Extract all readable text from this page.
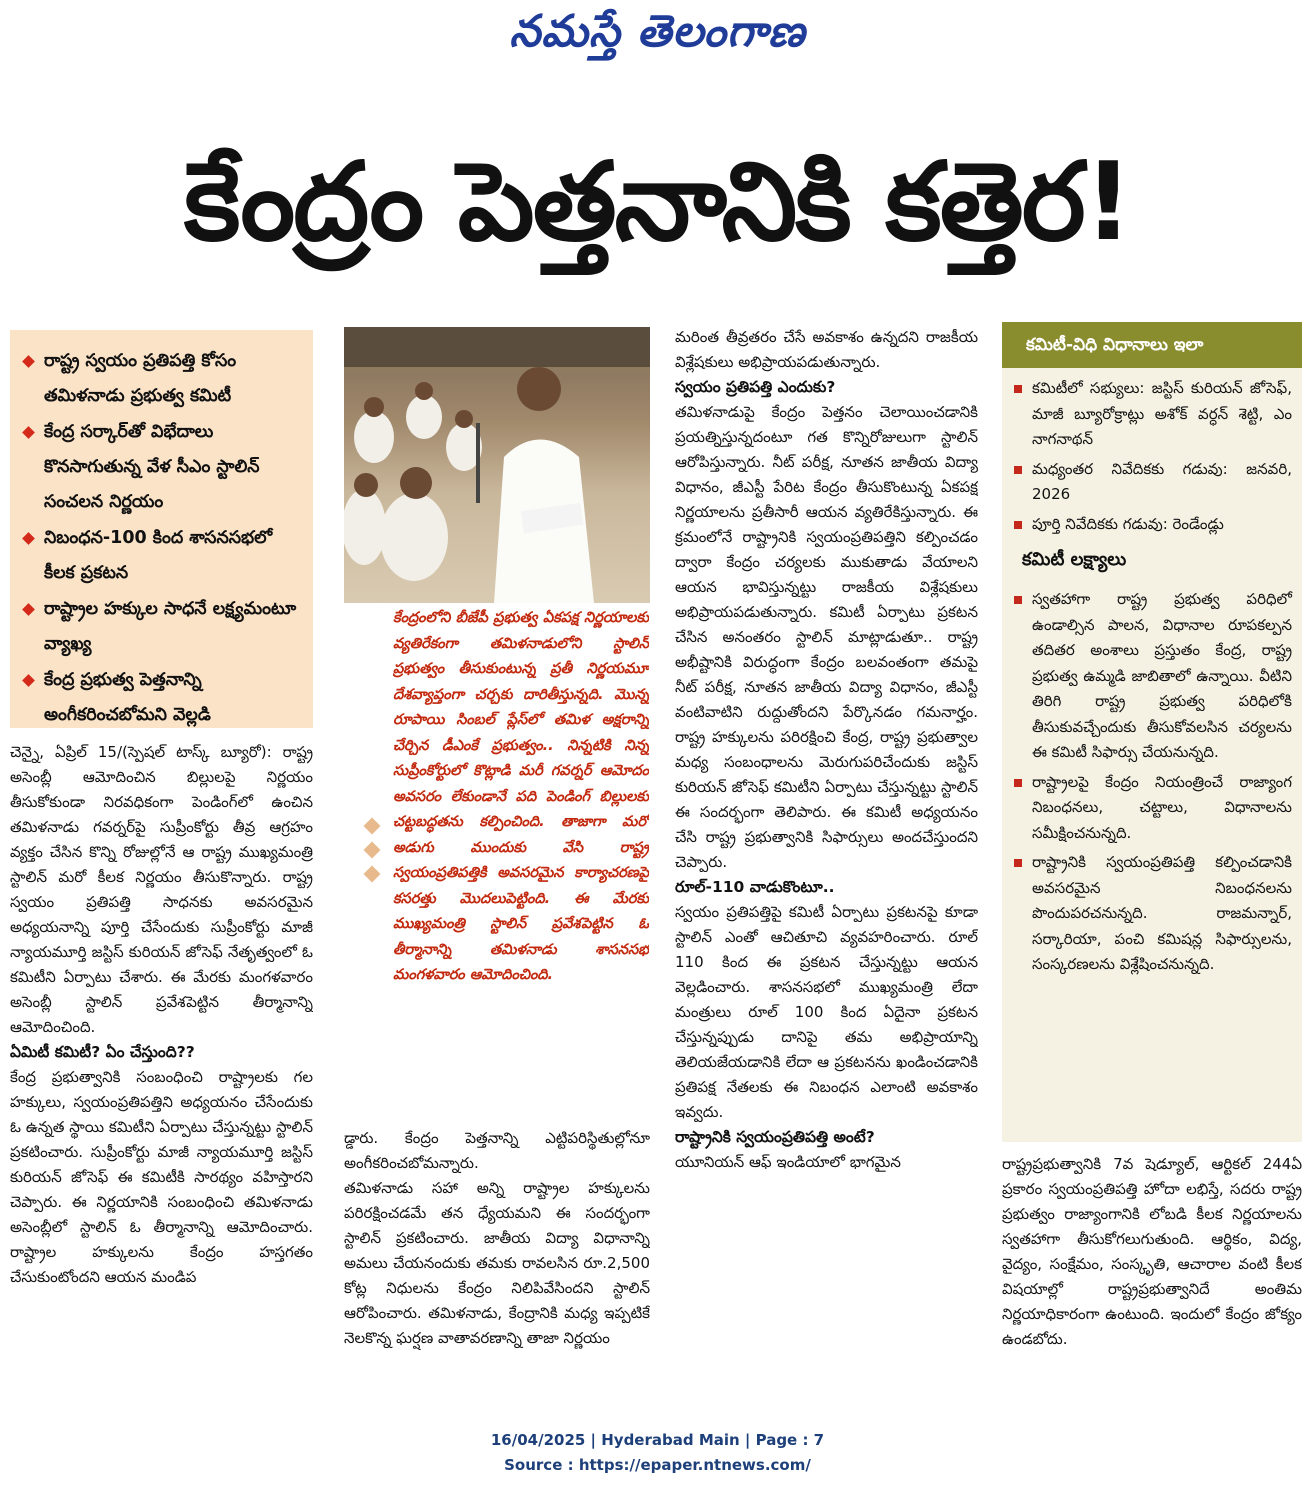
నమస్తే తెలంగాణ
కేంద్రం పెత్తనానికి కత్తెర!
రాష్ట్ర స్వయం ప్రతిపత్తి కోసం తమిళనాడు ప్రభుత్వ కమిటీ
కేంద్ర సర్కార్‌తో విభేదాలు కొనసాగుతున్న వేళ సీఎం స్టాలిన్ సంచలన నిర్ణయం
నిబంధన-100 కింద శాసనసభలో కీలక ప్రకటన
రాష్ట్రాల హక్కుల సాధనే లక్ష్యమంటూ వ్యాఖ్య
కేంద్ర ప్రభుత్వ పెత్తనాన్ని అంగీకరించబోమని వెల్లడి

చెన్నై, ఏప్రిల్ 15/(స్పెషల్ టాస్క్ బ్యూరో): రాష్ట్ర అసెంబ్లీ ఆమోదించిన బిల్లులపై నిర్ణయం తీసుకోకుండా నిరవధికంగా పెండింగ్‌లో ఉంచిన తమిళనాడు గవర్నర్‌పై సుప్రీంకోర్టు తీవ్ర ఆగ్రహం వ్యక్తం చేసిన కొన్ని రోజుల్లోనే ఆ రాష్ట్ర ముఖ్యమంత్రి స్టాలిన్ మరో కీలక నిర్ణయం తీసుకొన్నారు. రాష్ట్ర స్వయం ప్రతిపత్తి సాధనకు అవసరమైన అధ్యయనాన్ని పూర్తి చేసేందుకు సుప్రీంకోర్టు మాజీ న్యాయమూర్తి జస్టిస్ కురియన్ జోసెఫ్ నేతృత్వంలో ఓ కమిటీని ఏర్పాటు చేశారు. ఈ మేరకు మంగళవారం అసెంబ్లీ స్టాలిన్ ప్రవేశపెట్టిన తీర్మానాన్ని ఆమోదించింది.

ఏమిటీ కమిటీ? ఏం చేస్తుంది??

కేంద్ర ప్రభుత్వానికి సంబంధించి రాష్ట్రాలకు గల హక్కులు, స్వయంప్రతిపత్తిని అధ్యయనం చేసేందుకు ఓ ఉన్నత స్థాయి కమిటీని ఏర్పాటు చేస్తున్నట్టు స్టాలిన్ ప్రకటించారు. సుప్రీంకోర్టు మాజీ న్యాయమూర్తి జస్టిస్ కురియన్ జోసెఫ్ ఈ కమిటీకి సారథ్యం వహిస్తారని చెప్పారు. ఈ నిర్ణయానికి సంబంధించి తమిళనాడు అసెంబ్లీలో స్టాలిన్ ఓ తీర్మానాన్ని ఆమోదించారు. రాష్ట్రాల హక్కులను కేంద్రం హస్తగతం చేసుకుంటోందని ఆయన మండిప

కేంద్రంలోని బీజేపీ ప్రభుత్వ ఏకపక్ష నిర్ణయాలకు వ్యతిరేకంగా తమిళనాడులోని స్టాలిన్ ప్రభుత్వం తీసుకుంటున్న ప్రతీ నిర్ణయమూ దేశవ్యాప్తంగా చర్చకు దారితీస్తున్నది. మొన్న రూపాయి సింబల్ ప్లేస్‌లో తమిళ అక్షరాన్ని చేర్చిన డీఎంకే ప్రభుత్వం.. నిన్నటికి నిన్న సుప్రీంకోర్టులో కొట్లాడి మరీ గవర్నర్ ఆమోదం అవసరం లేకుండానే పది పెండింగ్ బిల్లులకు చట్టబద్ధతను కల్పించింది. తాజాగా మరో అడుగు ముందుకు వేసి రాష్ట్ర స్వయంప్రతిపత్తికి అవసరమైన కార్యాచరణపై కసరత్తు మొదలుపెట్టింది. ఈ మేరకు ముఖ్యమంత్రి స్టాలిన్ ప్రవేశపెట్టిన ఓ తీర్మానాన్ని తమిళనాడు శాసనసభ మంగళవారం ఆమోదించింది.

డ్డారు. కేంద్రం పెత్తనాన్ని ఎట్టిపరిస్థితుల్లోనూ అంగీకరించబోమన్నారు.

తమిళనాడు సహా అన్ని రాష్ట్రాల హక్కులను పరిరక్షించడమే తన ధ్యేయమని ఈ సందర్భంగా స్టాలిన్ ప్రకటించారు. జాతీయ విద్యా విధానాన్ని అమలు చేయనందుకు తమకు రావలసిన రూ.2,500 కోట్ల నిధులను కేంద్రం నిలిపివేసిందని స్టాలిన్ ఆరోపించారు. తమిళనాడు, కేంద్రానికి మధ్య ఇప్పటికే నెలకొన్న ఘర్షణ వాతావరణాన్ని తాజా నిర్ణయం

మరింత తీవ్రతరం చేసే అవకాశం ఉన్నదని రాజకీయ విశ్లేషకులు అభిప్రాయపడుతున్నారు.

స్వయం ప్రతిపత్తి ఎందుకు?

తమిళనాడుపై కేంద్రం పెత్తనం చెలాయించడానికి ప్రయత్నిస్తున్నదంటూ గత కొన్నిరోజులుగా స్టాలిన్ ఆరోపిస్తున్నారు. నీట్ పరీక్ష, నూతన జాతీయ విద్యా విధానం, జీఎస్టీ పేరిట కేంద్రం తీసుకొంటున్న ఏకపక్ష నిర్ణయాలను ప్రతీసారీ ఆయన వ్యతిరేకిస్తున్నారు. ఈ క్రమంలోనే రాష్ట్రానికి స్వయంప్రతిపత్తిని కల్పించడం ద్వారా కేంద్రం చర్యలకు ముకుతాడు వేయాలని ఆయన భావిస్తున్నట్టు రాజకీయ విశ్లేషకులు అభిప్రాయపడుతున్నారు. కమిటీ ఏర్పాటు ప్రకటన చేసిన అనంతరం స్టాలిన్ మాట్లాడుతూ.. రాష్ట్ర అభీష్టానికి విరుద్ధంగా కేంద్రం బలవంతంగా తమపై నీట్ పరీక్ష, నూతన జాతీయ విద్యా విధానం, జీఎస్టీ వంటివాటిని రుద్దుతోందని పేర్కొనడం గమనార్హం. రాష్ట్ర హక్కులను పరిరక్షించి కేంద్ర, రాష్ట్ర ప్రభుత్వాల మధ్య సంబంధాలను మెరుగుపరిచేందుకు జస్టిస్ కురియన్ జోసెఫ్ కమిటీని ఏర్పాటు చేస్తున్నట్టు స్టాలిన్ ఈ సందర్భంగా తెలిపారు. ఈ కమిటీ అధ్యయనం చేసి రాష్ట్ర ప్రభుత్వానికి సిఫార్సులు అందచేస్తుందని చెప్పారు.

రూల్-110 వాడుకొంటూ..

స్వయం ప్రతిపత్తిపై కమిటీ ఏర్పాటు ప్రకటనపై కూడా స్టాలిన్ ఎంతో ఆచితూచి వ్యవహరించారు. రూల్ 110 కింద ఈ ప్రకటన చేస్తున్నట్టు ఆయన వెల్లడించారు. శాసనసభలో ముఖ్యమంత్రి లేదా మంత్రులు రూల్ 100 కింద ఏదైనా ప్రకటన చేస్తున్నప్పుడు దానిపై తమ అభిప్రాయాన్ని తెలియజేయడానికి లేదా ఆ ప్రకటనను ఖండించడానికి ప్రతిపక్ష నేతలకు ఈ నిబంధన ఎలాంటి అవకాశం ఇవ్వదు.

రాష్ట్రానికి స్వయంప్రతిపత్తి అంటే?

యూనియన్ ఆఫ్ ఇండియాలో భాగమైన

కమిటీ-విధి విధానాలు ఇలా
కమిటీలో సభ్యులు: జస్టిస్ కురియన్ జోసెఫ్, మాజీ బ్యూరోక్రాట్లు అశోక్ వర్ధన్ శెట్టి, ఎం నాగనాథన్
మధ్యంతర నివేదికకు గడువు: జనవరి, 2026
పూర్తి నివేదికకు గడువు: రెండేండ్లు
కమిటీ లక్ష్యాలు
స్వతహాగా రాష్ట్ర ప్రభుత్వ పరిధిలో ఉండాల్సిన పాలన, విధానాల రూపకల్పన తదితర అంశాలు ప్రస్తుతం కేంద్ర, రాష్ట్ర ప్రభుత్వ ఉమ్మడి జాబితాలో ఉన్నాయి. వీటిని తిరిగి రాష్ట్ర ప్రభుత్వ పరిధిలోకి తీసుకువచ్చేందుకు తీసుకోవలసిన చర్యలను ఈ కమిటీ సిఫార్సు చేయనున్నది.
రాష్ట్రాలపై కేంద్రం నియంత్రించే రాజ్యాంగ నిబంధనలు, చట్టాలు, విధానాలను సమీక్షించనున్నది.
రాష్ట్రానికి స్వయంప్రతిపత్తి కల్పించడానికి అవసరమైన నిబంధనలను పొందుపరచనున్నది. రాజమన్నార్, సర్కారియా, పంచి కమిషన్ల సిఫార్సులను, సంస్కరణలను విశ్లేషించనున్నది.

రాష్ట్రప్రభుత్వానికి 7వ షెడ్యూల్, ఆర్టికల్ 244ఏ ప్రకారం స్వయంప్రతిపత్తి హోదా లభిస్తే, సదరు రాష్ట్ర ప్రభుత్వం రాజ్యాంగానికి లోబడి కీలక నిర్ణయాలను స్వతహాగా తీసుకోగలుగుతుంది. ఆర్థికం, విద్య, వైద్యం, సంక్షేమం, సంస్కృతి, ఆచారాల వంటి కీలక విషయాల్లో రాష్ట్రప్రభుత్వానిదే అంతిమ నిర్ణయాధికారంగా ఉంటుంది. ఇందులో కేంద్రం జోక్యం ఉండబోదు.

16/04/2025 | Hyderabad Main | Page : 7
Source : https://epaper.ntnews.com/
